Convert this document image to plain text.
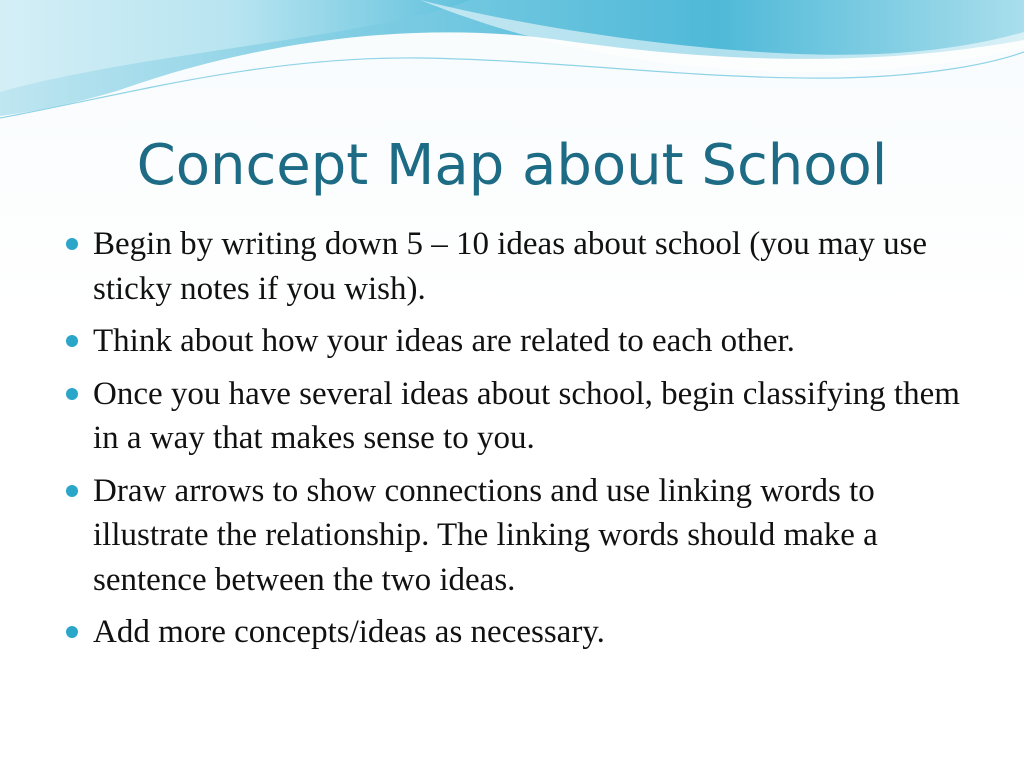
Concept Map about School
Begin by writing down 5 – 10 ideas about school (you may use sticky notes if you wish).
Think about how your ideas are related to each other.
Once you have several ideas about school, begin classifying them in a way that makes sense to you.
Draw arrows to show connections and use linking words to illustrate the relationship. The linking words should make a sentence between the two ideas.
Add more concepts/ideas as necessary.
